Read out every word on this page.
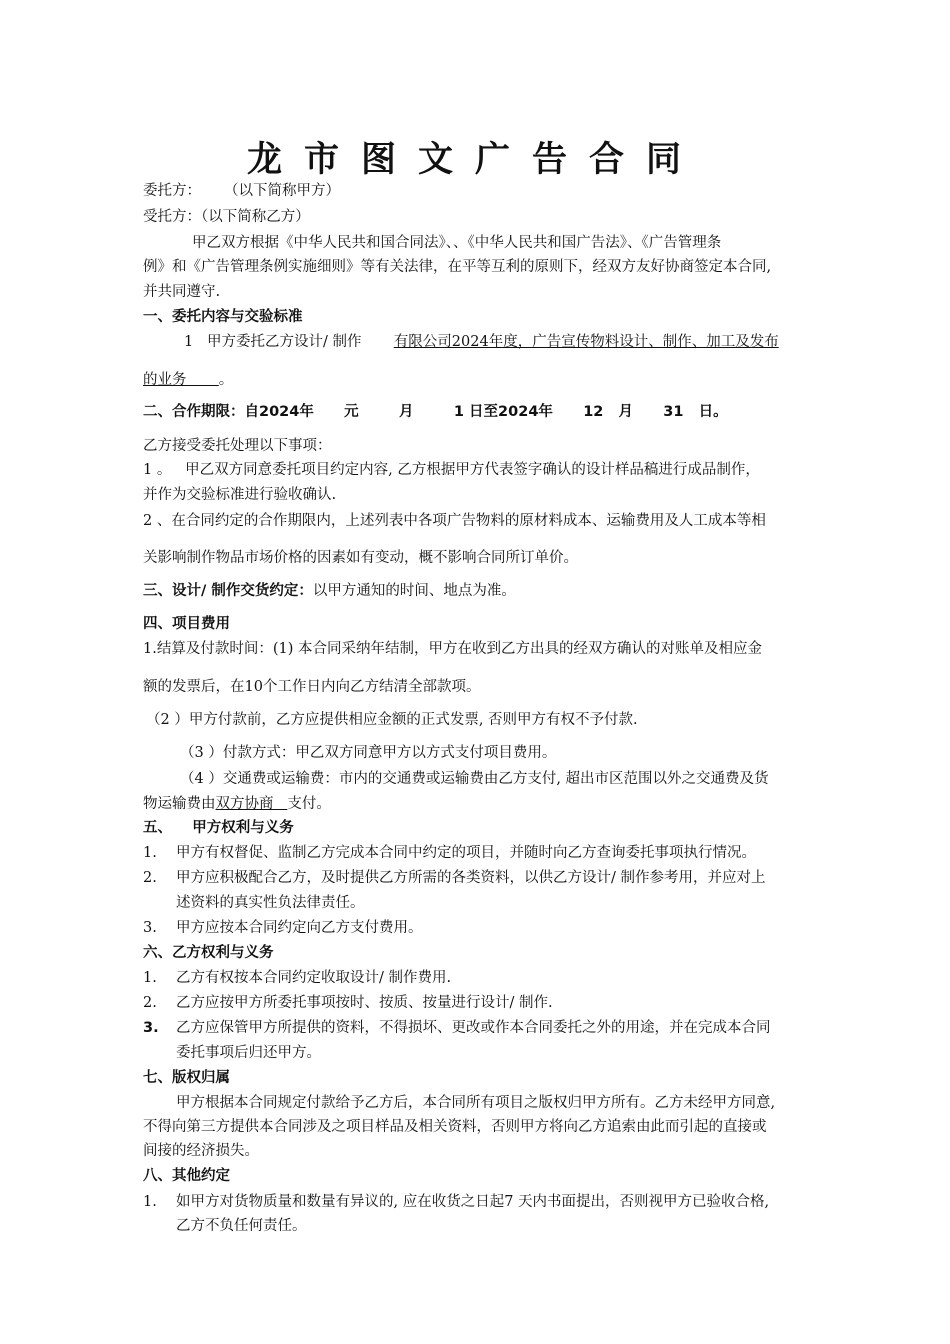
龙市图文广告合同
委托方：     （以下简称甲方）
受托方：（以下简称乙方）
甲乙双方根据《中华人民共和国合同法》、、《中华人民共和国广告法》、《广告管理条
例》和《广告管理条例实施细则》等有关法律，在平等互利的原则下，经双方友好协商签定本合同,
并共同遵守.
一、委托内容与交验标准
1   甲方委托乙方设计/ 制作       有限公司2024年度，广告宣传物料设计、制作、加工及发布
的业务       。
二、合作期限：自2024年      元        月        1 日至2024年      12   月      31   日。
乙方接受委托处理以下事项：
1 。   甲乙双方同意委托项目约定内容, 乙方根据甲方代表签字确认的设计样品稿进行成品制作，
并作为交验标准进行验收确认.
2 、在合同约定的合作期限内，上述列表中各项广告物料的原材料成本、运输费用及人工成本等相
关影响制作物品市场价格的因素如有变动，概不影响合同所订单价。
三、设计/ 制作交货约定：以甲方通知的时间、地点为准。
四、项目费用
1.结算及付款时间：(1) 本合同采纳年结制，甲方在收到乙方出具的经双方确认的对账单及相应金
额的发票后，在10个工作日内向乙方结清全部款项。
（2 ）甲方付款前，乙方应提供相应金额的正式发票, 否则甲方有权不予付款.
（3 ）付款方式：甲乙双方同意甲方以方式支付项目费用。
（4 ）交通费或运输费：市内的交通费或运输费由乙方支付, 超出市区范围以外之交通费及货
物运输费由双方协商   支付。
五、    甲方权利与义务
1. 甲方有权督促、监制乙方完成本合同中约定的项目，并随时向乙方查询委托事项执行情况。
2. 甲方应积极配合乙方，及时提供乙方所需的各类资料，以供乙方设计/ 制作参考用，并应对上
述资料的真实性负法律责任。
3. 甲方应按本合同约定向乙方支付费用。
六、乙方权利与义务
1. 乙方有权按本合同约定收取设计/ 制作费用.
2. 乙方应按甲方所委托事项按时、按质、按量进行设计/ 制作.
3. 乙方应保管甲方所提供的资料，不得损坏、更改或作本合同委托之外的用途，并在完成本合同
委托事项后归还甲方。
七、版权归属
甲方根据本合同规定付款给予乙方后，本合同所有项目之版权归甲方所有。乙方未经甲方同意,
不得向第三方提供本合同涉及之项目样品及相关资料，否则甲方将向乙方追索由此而引起的直接或
间接的经济损失。
八、其他约定
1. 如甲方对货物质量和数量有异议的, 应在收货之日起7 天内书面提出，否则视甲方已验收合格,
乙方不负任何责任。
